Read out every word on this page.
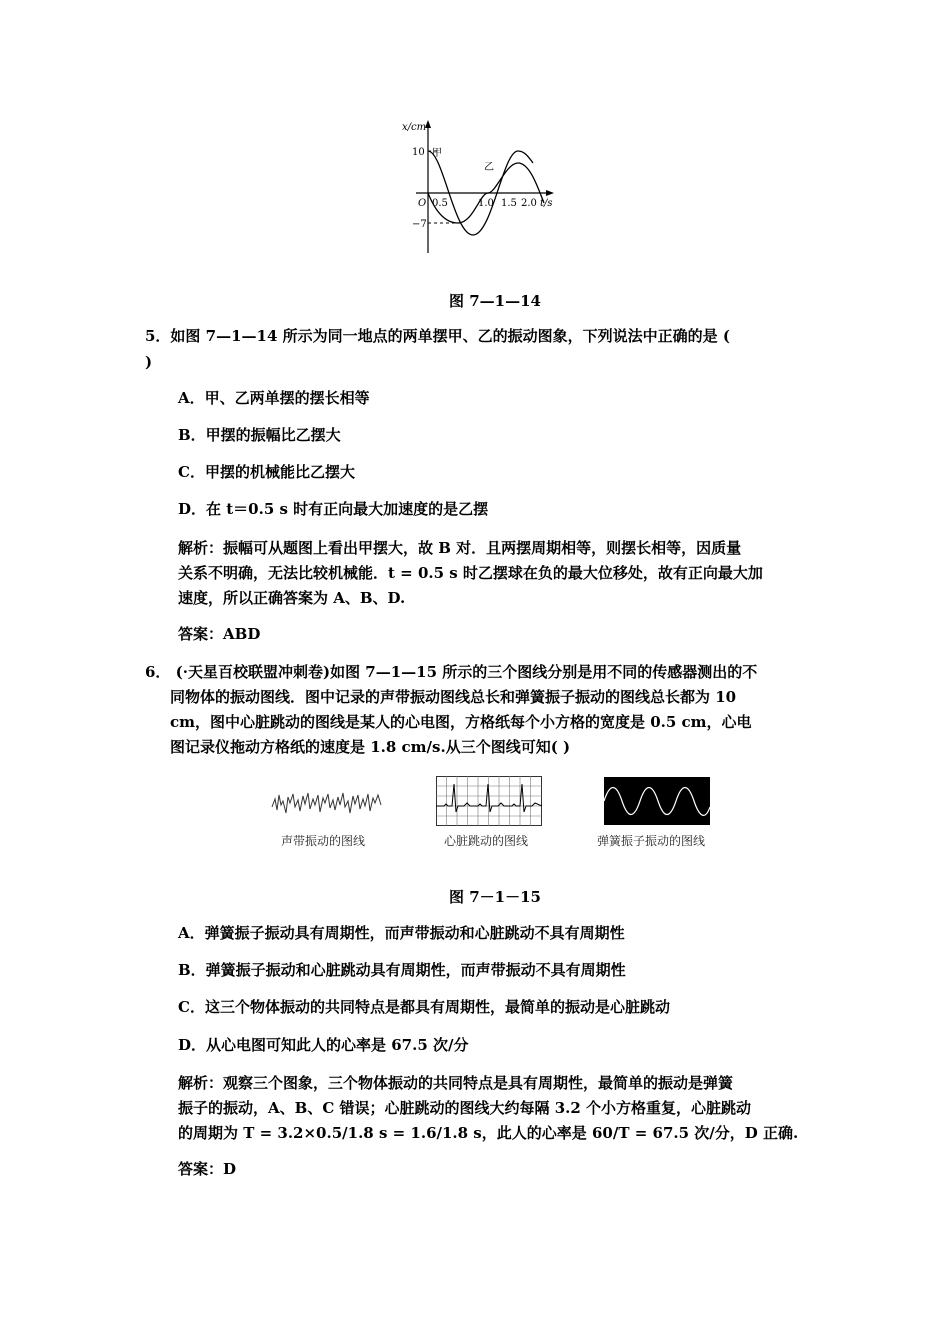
x/cm
10
−7
O 0.5	1.0 1.5 2.0 t/s
甲
乙
图 7—1—14
5．如图 7—1—14 所示为同一地点的两单摆甲、乙的振动图象，下列说法中正确的是 (
)
A．甲、乙两单摆的摆长相等
B．甲摆的振幅比乙摆大
C．甲摆的机械能比乙摆大
D．在 t＝0.5 s 时有正向最大加速度的是乙摆
解析：振幅可从题图上看出甲摆大，故 B 对．且两摆周期相等，则摆长相等，因质量
关系不明确，无法比较机械能．t = 0.5 s 时乙摆球在负的最大位移处，故有正向最大加
速度，所以正确答案为 A、B、D.
答案：ABD
6． (·天星百校联盟冲刺卷)如图 7—1—15 所示的三个图线分别是用不同的传感器测出的不
同物体的振动图线．图中记录的声带振动图线总长和弹簧振子振动的图线总长都为 10
cm，图中心脏跳动的图线是某人的心电图，方格纸每个小方格的宽度是 0.5 cm，心电
图记录仪拖动方格纸的速度是 1.8 cm/s.从三个图线可知( )
声带振动的图线	心脏跳动的图线	弹簧振子振动的图线
图 7－1－15
A．弹簧振子振动具有周期性，而声带振动和心脏跳动不具有周期性
B．弹簧振子振动和心脏跳动具有周期性，而声带振动不具有周期性
C．这三个物体振动的共同特点是都具有周期性，最简单的振动是心脏跳动
D．从心电图可知此人的心率是 67.5 次/分
解析：观察三个图象，三个物体振动的共同特点是具有周期性，最简单的振动是弹簧
振子的振动，A、B、C 错误；心脏跳动的图线大约每隔 3.2 个小方格重复，心脏跳动
的周期为 T = 3.2×0.5/1.8 s = 1.6/1.8 s，此人的心率是 60/T = 67.5 次/分，D 正确.
答案：D
